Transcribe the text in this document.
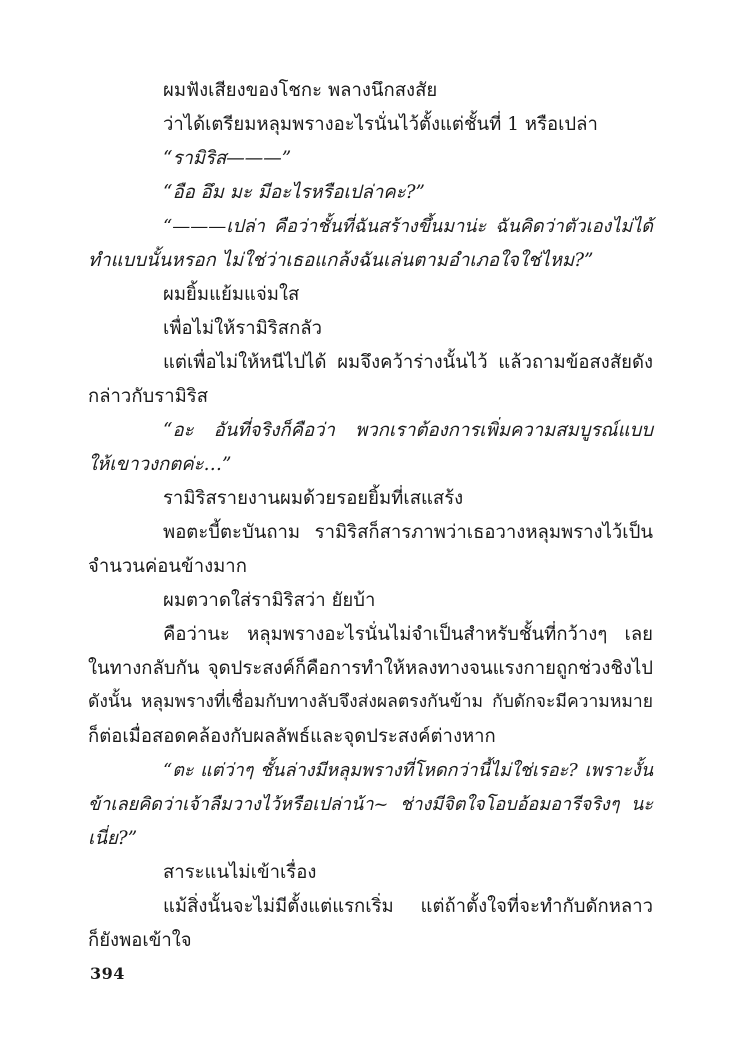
ผมฟังเสียงของโชกะ พลางนึกสงสัย
ว่าได้เตรียมหลุมพรางอะไรนั่นไว้ตั้งแต่ชั้นที่ 1 หรือเปล่า
“รามิริส———”
“อือ อึม มะ มีอะไรหรือเปล่าคะ?”
“———เปล่า คือว่าชั้นที่ฉันสร้างขึ้นมาน่ะ ฉันคิดว่าตัวเองไม่ได้
ทำแบบนั้นหรอก ไม่ใช่ว่าเธอแกล้งฉันเล่นตามอำเภอใจใช่ไหม?”
ผมยิ้มแย้มแจ่มใส
เพื่อไม่ให้รามิริสกลัว
แต่เพื่อไม่ให้หนีไปได้ ผมจึงคว้าร่างนั้นไว้ แล้วถามข้อสงสัยดัง
กล่าวกับรามิริส
“อะ อันที่จริงก็คือว่า พวกเราต้องการเพิ่มความสมบูรณ์แบบ
ให้เขาวงกตค่ะ…”
รามิริสรายงานผมด้วยรอยยิ้มที่เสแสร้ง
พอตะบี้ตะบันถาม รามิริสก็สารภาพว่าเธอวางหลุมพรางไว้เป็น
จำนวนค่อนข้างมาก
ผมตวาดใส่รามิริสว่า ยัยบ้า
คือว่านะ หลุมพรางอะไรนั่นไม่จำเป็นสำหรับชั้นที่กว้างๆ เลย
ในทางกลับกัน จุดประสงค์ก็คือการทำให้หลงทางจนแรงกายถูกช่วงชิงไป
ดังนั้น หลุมพรางที่เชื่อมกับทางลับจึงส่งผลตรงกันข้าม กับดักจะมีความหมาย
ก็ต่อเมื่อสอดคล้องกับผลลัพธ์และจุดประสงค์ต่างหาก
“ตะ แต่ว่าๆ ชั้นล่างมีหลุมพรางที่โหดกว่านี้ไม่ใช่เรอะ? เพราะงั้น
ข้าเลยคิดว่าเจ้าลืมวางไว้หรือเปล่าน้า~ ช่างมีจิตใจโอบอ้อมอารีจริงๆ นะ
เนี่ย?”
สาระแนไม่เข้าเรื่อง
แม้สิ่งนั้นจะไม่มีตั้งแต่แรกเริ่ม แต่ถ้าตั้งใจที่จะทำกับดักหลาว
ก็ยังพอเข้าใจ
394
